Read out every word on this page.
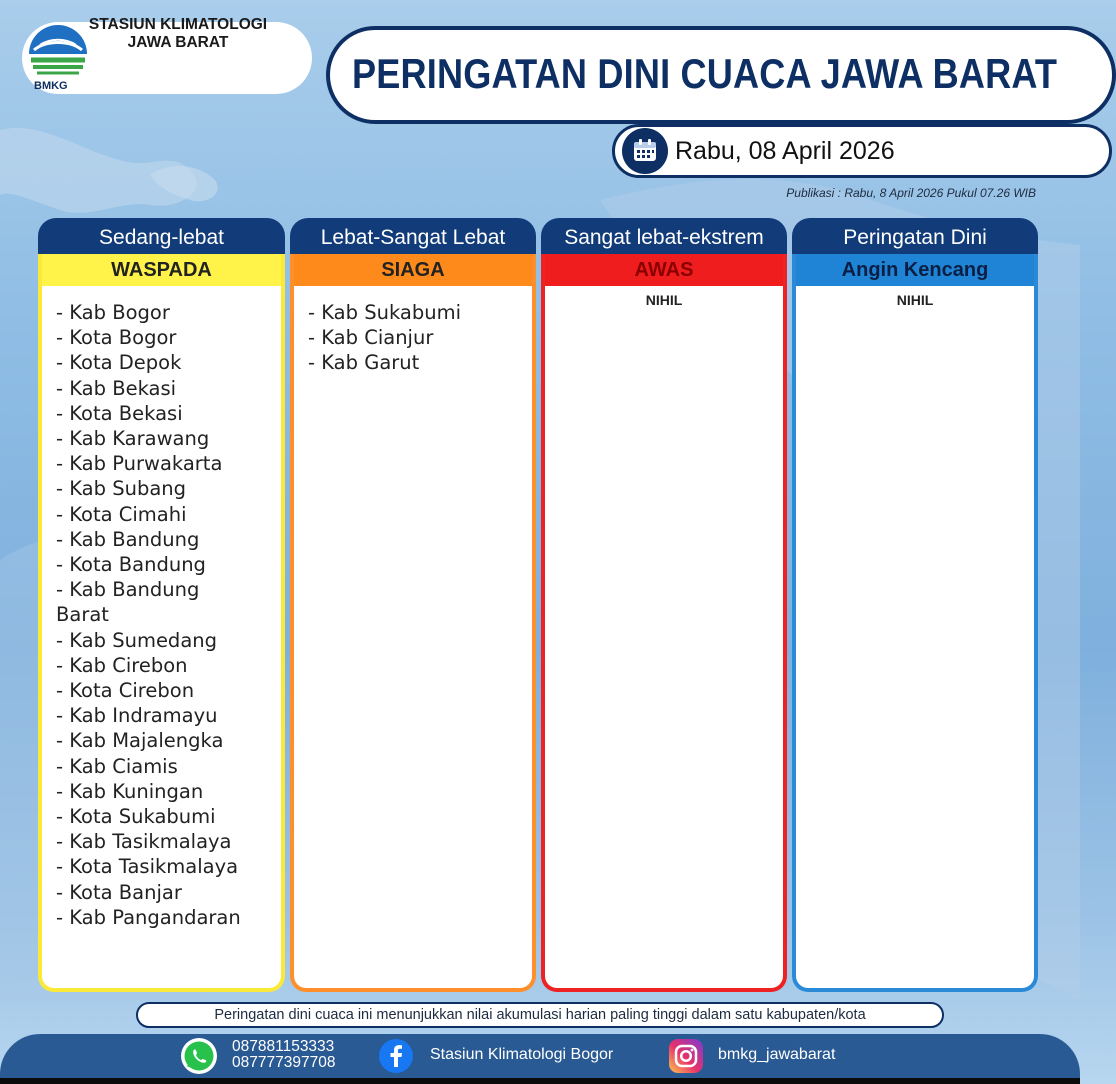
STASIUN KLIMATOLOGI
JAWA BARAT
BMKG	PERINGATAN DINI CUACA JAWA BARAT
Rabu, 08 April 2026
Publikasi : Rabu, 8 April 2026 Pukul 07.26 WIB
Sedang-lebat
WASPADA
- Kab Bogor
- Kota Bogor
- Kota Depok
- Kab Bekasi
- Kota Bekasi
- Kab Karawang
- Kab Purwakarta
- Kab Subang
- Kota Cimahi
- Kab Bandung
- Kota Bandung
- Kab Bandung
Barat
- Kab Sumedang
- Kab Cirebon
- Kota Cirebon
- Kab Indramayu
- Kab Majalengka
- Kab Ciamis
- Kab Kuningan
- Kota Sukabumi
- Kab Tasikmalaya
- Kota Tasikmalaya
- Kota Banjar
- Kab Pangandaran
Lebat-Sangat Lebat
SIAGA
- Kab Sukabumi
- Kab Cianjur
- Kab Garut
Sangat lebat-ekstrem
AWAS
NIHIL
Peringatan Dini
Angin Kencang
NIHIL
Peringatan dini cuaca ini menunjukkan nilai akumulasi harian paling tinggi dalam satu kabupaten/kota
087881153333
087777397708	Stasiun Klimatologi Bogor	bmkg_jawabarat
